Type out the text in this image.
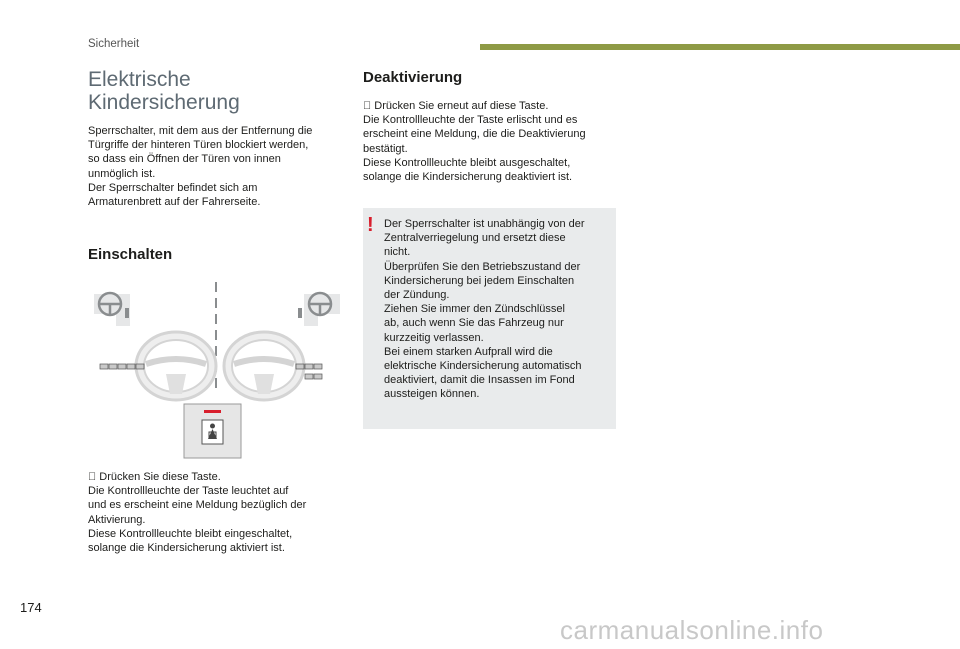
Sicherheit
Elektrische
Kindersicherung
Sperrschalter, mit dem aus der Entfernung die
Türgriffe der hinteren Türen blockiert werden,
so dass ein Öffnen der Türen von innen
unmöglich ist.
Der Sperrschalter befindet sich am
Armaturenbrett auf der Fahrerseite.
Einschalten
Drücken Sie diese Taste.
Die Kontrollleuchte der Taste leuchtet auf
und es erscheint eine Meldung bezüglich der
Aktivierung.
Diese Kontrollleuchte bleibt eingeschaltet,
solange die Kindersicherung aktiviert ist.
Deaktivierung
Drücken Sie erneut auf diese Taste.
Die Kontrollleuchte der Taste erlischt und es
erscheint eine Meldung, die die Deaktivierung
bestätigt.
Diese Kontrollleuchte bleibt ausgeschaltet,
solange die Kindersicherung deaktiviert ist.
! Der Sperrschalter ist unabhängig von der
Zentralverriegelung und ersetzt diese
nicht.
Überprüfen Sie den Betriebszustand der
Kindersicherung bei jedem Einschalten
der Zündung.
Ziehen Sie immer den Zündschlüssel
ab, auch wenn Sie das Fahrzeug nur
kurzzeitig verlassen.
Bei einem starken Aufprall wird die
elektrische Kindersicherung automatisch
deaktiviert, damit die Insassen im Fond
aussteigen können.
174
carmanualsonline.info
